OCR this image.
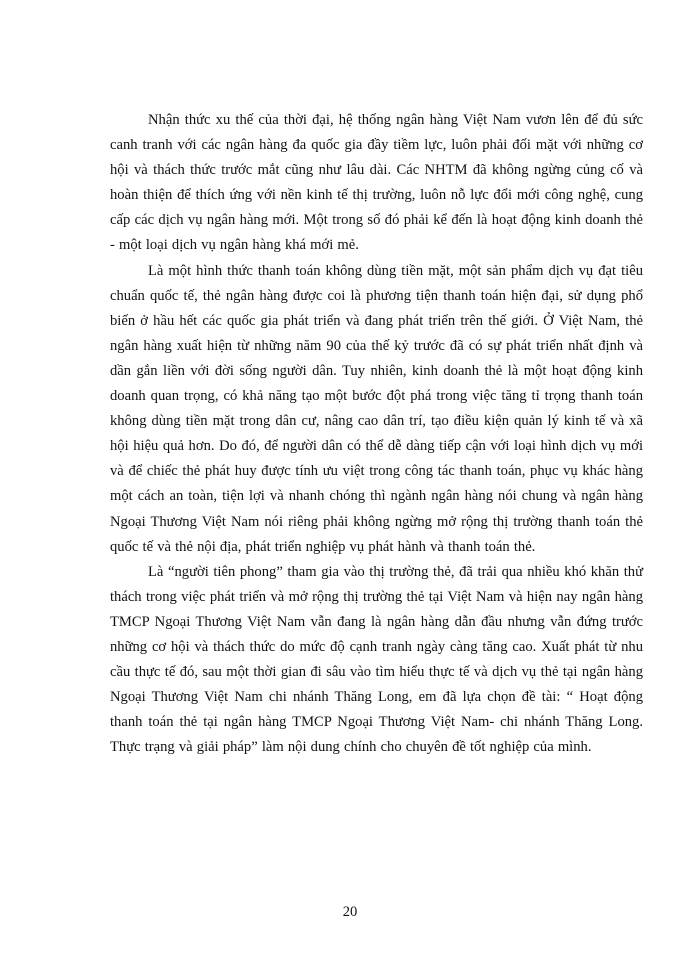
Nhận thức xu thế của thời đại, hệ thống ngân hàng Việt Nam vươn lên để đủ sức canh tranh với các ngân hàng đa quốc gia đầy tiềm lực, luôn phải đối mặt với những cơ hội và thách thức trước mắt cũng như lâu dài. Các NHTM đã không ngừng củng cố và hoàn thiện để thích ứng với nền kinh tế thị trường, luôn nỗ lực đổi mới công nghệ, cung cấp các dịch vụ ngân hàng mới. Một trong số đó phải kể đến là hoạt động kinh doanh thẻ - một loại dịch vụ ngân hàng khá mới mẻ.

Là một hình thức thanh toán không dùng tiền mặt, một sản phẩm dịch vụ đạt tiêu chuẩn quốc tế, thẻ ngân hàng được coi là phương tiện thanh toán hiện đại, sử dụng phổ biến ở hầu hết các quốc gia phát triển và đang phát triển trên thế giới. Ở Việt Nam, thẻ ngân hàng xuất hiện từ những năm 90 của thế kỷ trước đã có sự phát triển nhất định và dần gắn liền với đời sống người dân. Tuy nhiên, kinh doanh thẻ là một hoạt động kinh doanh quan trọng, có khả năng tạo một bước đột phá trong việc tăng tỉ trọng thanh toán không dùng tiền mặt trong dân cư, nâng cao dân trí, tạo điều kiện quản lý kinh tế và xã hội hiệu quả hơn. Do đó, để người dân có thể dễ dàng tiếp cận với loại hình dịch vụ mới và để chiếc thẻ phát huy được tính ưu việt trong công tác thanh toán, phục vụ khác hàng một cách an toàn, tiện lợi và nhanh chóng thì ngành ngân hàng nói chung và ngân hàng Ngoại Thương Việt Nam nói riêng phải không ngừng mở rộng thị trường thanh toán thẻ quốc tế và thẻ nội địa, phát triển nghiệp vụ phát hành và thanh toán thẻ.

Là “người tiên phong” tham gia vào thị trường thẻ, đã trải qua nhiều khó khăn thử thách trong việc phát triển và mở rộng thị trường thẻ tại Việt Nam và hiện nay ngân hàng TMCP Ngoại Thương Việt Nam vẫn đang là ngân hàng dẫn đầu nhưng vẫn đứng trước những cơ hội và thách thức do mức độ cạnh tranh ngày càng tăng cao. Xuất phát từ nhu cầu thực tế đó, sau một thời gian đi sâu vào tìm hiểu thực tế và dịch vụ thẻ tại ngân hàng Ngoại Thương Việt Nam chi nhánh Thăng Long, em đã lựa chọn đề tài: “ Hoạt động thanh toán thẻ tại ngân hàng TMCP Ngoại Thương Việt Nam- chi nhánh Thăng Long. Thực trạng và giải pháp” làm nội dung chính cho chuyên đề tốt nghiệp của mình.

20
